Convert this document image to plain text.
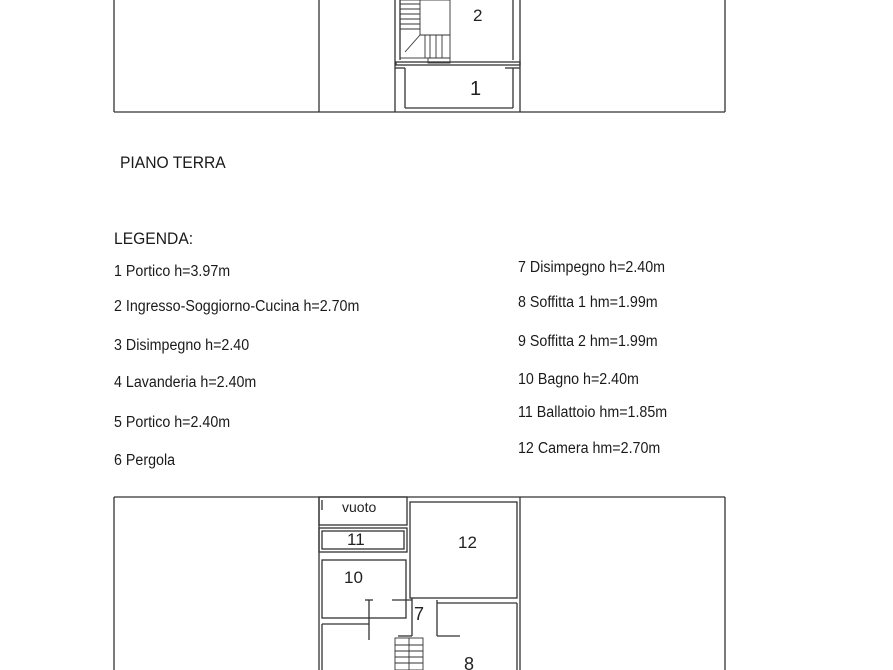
2
1
vuoto
11	12
10
7
8
PIANO TERRA
LEGENDA:
1 Portico h=3.97m
2 Ingresso-Soggiorno-Cucina h=2.70m
3 Disimpegno h=2.40
4 Lavanderia h=2.40m
5 Portico h=2.40m
6 Pergola
7 Disimpegno h=2.40m
8 Soffitta 1 hm=1.99m
9 Soffitta 2 hm=1.99m
10 Bagno h=2.40m
11 Ballattoio hm=1.85m
12 Camera hm=2.70m
